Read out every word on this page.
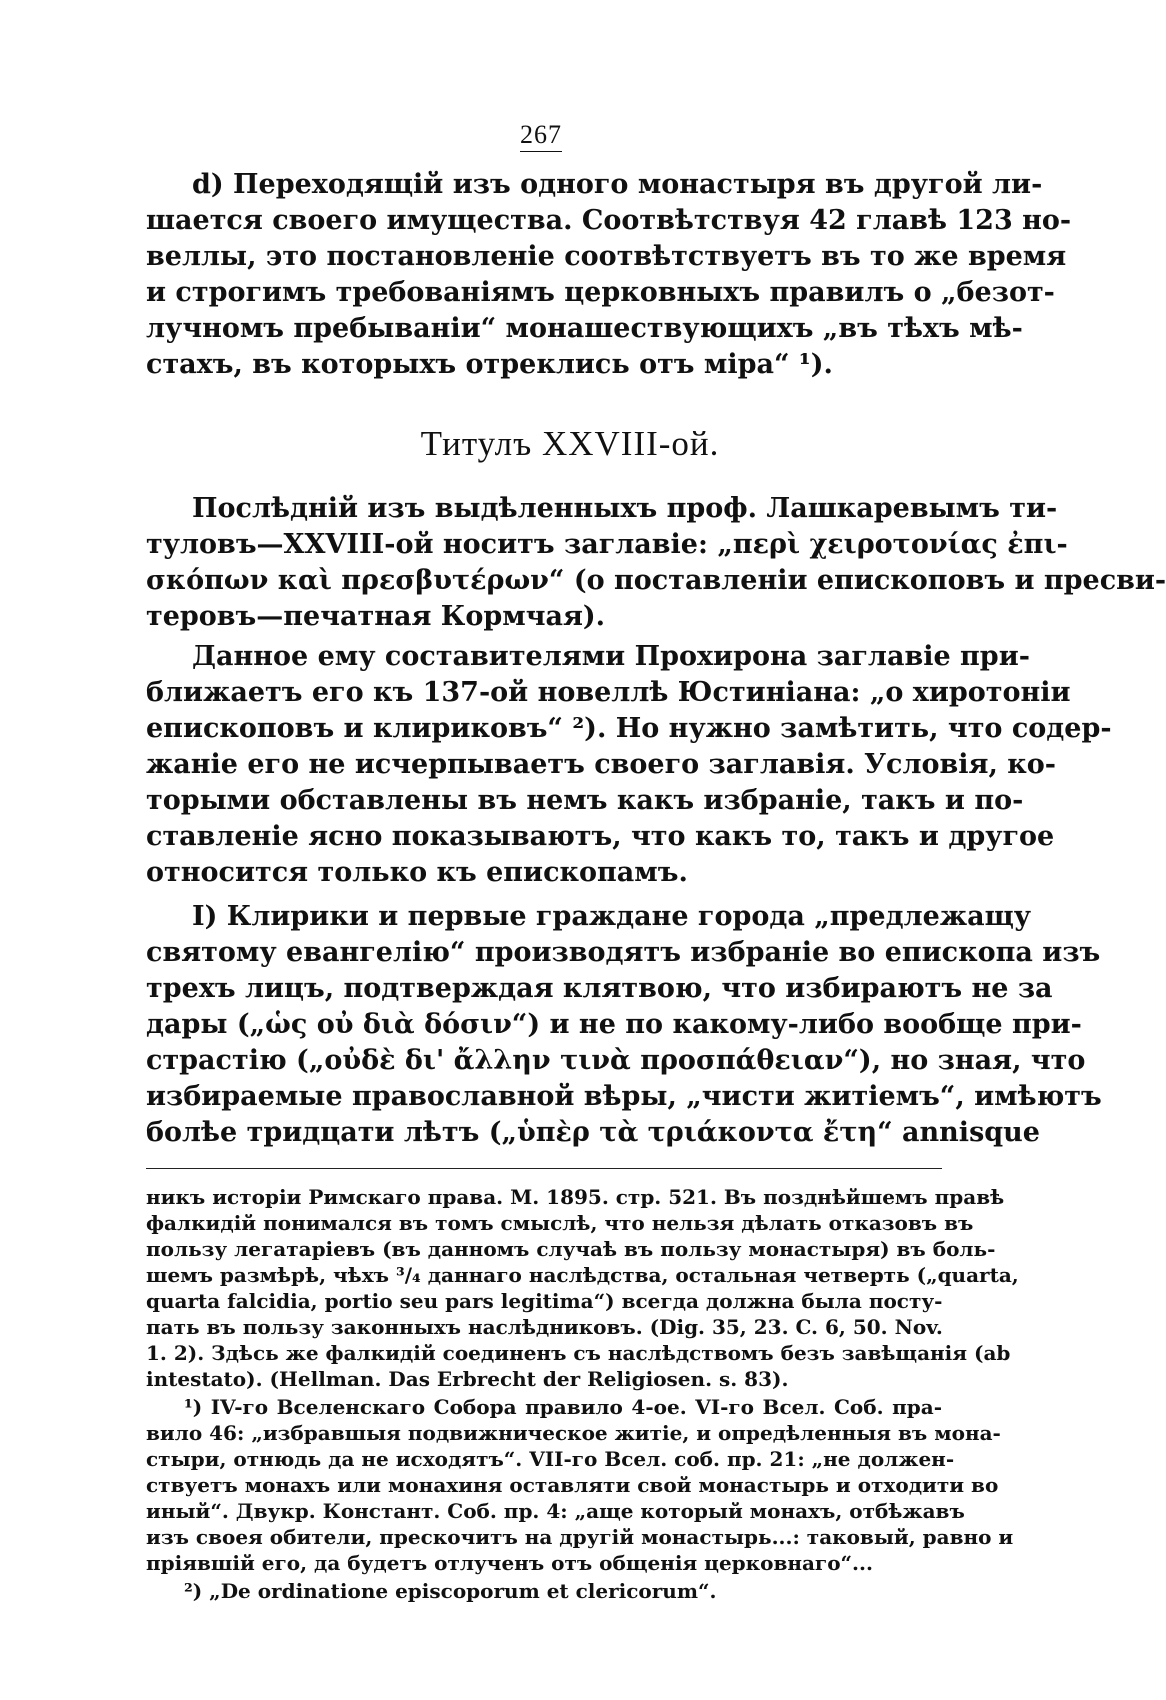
267
d) Переходящій изъ одного монастыря въ другой ли-
шается своего имущества. Соотвѣтствуя 42 главѣ 123 но-
веллы, это постановленіе соотвѣтствуетъ въ то же время
и строгимъ требованіямъ церковныхъ правилъ о „безот-
лучномъ пребываніи“ монашествующихъ „въ тѣхъ мѣ-
стахъ, въ которыхъ отреклись отъ міра“ ¹).
Титулъ XXVIII-ой.
Послѣдній изъ выдѣленныхъ проф. Лашкаревымъ ти-
туловъ—XXVIII-ой носитъ заглавіе: „περὶ χειροτονίας ἐπι-
σκόπων καὶ πρεσβυτέρων“ (о поставленіи епископовъ и пресви-
теровъ—печатная Кормчая).
Данное ему составителями Прохирона заглавіе при-
ближаетъ его къ 137-ой новеллѣ Юстиніана: „о хиротоніи
епископовъ и клириковъ“ ²). Но нужно замѣтить, что содер-
жаніе его не исчерпываетъ своего заглавія. Условія, ко-
торыми обставлены въ немъ какъ избраніе, такъ и по-
ставленіе ясно показываютъ, что какъ то, такъ и другое
относится только къ епископамъ.
I) Клирики и первые граждане города „предлежащу
святому евангелію“ производятъ избраніе во епископа изъ
трехъ лицъ, подтверждая клятвою, что избираютъ не за
дары („ὡς οὐ διὰ δόσιν“) и не по какому-либо вообще при-
страстію („οὐδὲ δι' ἄλλην τινὰ προσπάθειαν“), но зная, что
избираемые православной вѣры, „чисти житіемъ“, имѣютъ
болѣе тридцати лѣтъ („ὑπὲρ τὰ τριάκοντα ἔτη“ annisque
никъ исторіи Римскаго права. М. 1895. стр. 521. Въ позднѣйшемъ правѣ
фалкидій понимался въ томъ смыслѣ, что нельзя дѣлать отказовъ въ
пользу легатаріевъ (въ данномъ случаѣ въ пользу монастыря) въ боль-
шемъ размѣрѣ, чѣхъ ³/₄ даннаго наслѣдства, остальная четверть („quarta,
quarta falcidia, portio seu pars legitima“) всегда должна была посту-
пать въ пользу законныхъ наслѣдниковъ. (Dig. 35, 23. C. 6, 50. Nov.
1. 2). Здѣсь же фалкидій соединенъ съ наслѣдствомъ безъ завѣщанія (ab
intestato). (Hellman. Das Erbrecht der Religiosen. s. 83).
¹) IV-го Вселенскаго Собора правило 4-ое. VI-го Всел. Соб. пра-
вило 46: „избравшыя подвижническое житіе, и опредѣленныя въ мона-
стыри, отнюдь да не исходятъ“. VII-го Всел. соб. пр. 21: „не должен-
ствуетъ монахъ или монахиня оставляти свой монастырь и отходити во
иный“. Двукр. Констант. Соб. пр. 4: „аще который монахъ, отбѣжавъ
изъ своея обители, прескочитъ на другій монастырь...: таковый, равно и
пріявшій его, да будетъ отлученъ отъ общенія церковнаго“...
²) „De ordinatione episcoporum et clericorum“.
